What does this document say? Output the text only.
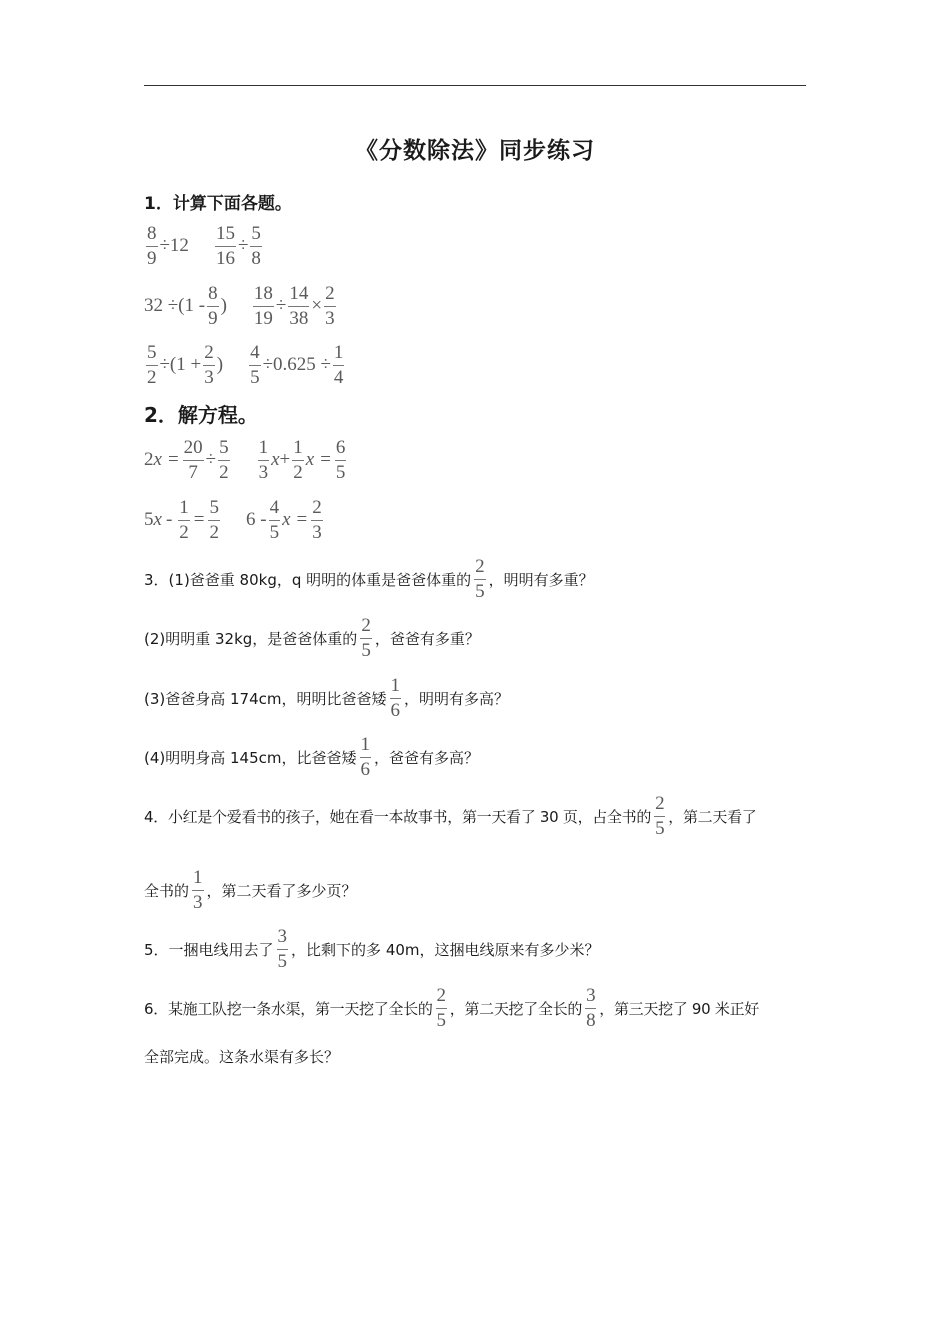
《分数除法》同步练习
1．计算下面各题。
$\frac{8}{9} \div 12 \frac{15}{16} \div \frac{5}{8}$
$32 \div(1 - \frac{8}{9}$ ) $\frac{18}{19} \div \frac{14}{38} \times \frac{2}{3}$
$\frac{5}{2} \div(1 + \frac{2}{3}$ ) $\frac{4}{5} \div 0.625 \div \frac{1}{4}$
2．解方程。
2 $x = \frac{20}{7} \div \frac{5}{2} \frac{1}{3}$ $x + \frac{1}{2}$ $x = \frac{6}{5}$
5 $x - \frac{1}{2} = \frac{5}{2} 6 - \frac{4}{5}$ $x = \frac{2}{3}$
3．(1)爸爸重 80kg，q 明明的体重是爸爸体重的 $\frac{2}{5}$ ，明明有多重？
(2)明明重 32kg，是爸爸体重的 $\frac{2}{5}$ ，爸爸有多重？
(3)爸爸身高 174cm，明明比爸爸矮 $\frac{1}{6}$ ，明明有多高？
(4)明明身高 145cm，比爸爸矮 $\frac{1}{6}$ ，爸爸有多高？
4．小红是个爱看书的孩子，她在看一本故事书，第一天看了 30 页，占全书的 $\frac{2}{5}$ ，第二天看了
全书的 $\frac{1}{3}$ ，第二天看了多少页？
5．一捆电线用去了 $\frac{3}{5}$ ，比剩下的多 40m，这捆电线原来有多少米？
6．某施工队挖一条水渠，第一天挖了全长的 $\frac{2}{5}$ ，第二天挖了全长的 $\frac{3}{8}$ ，第三天挖了 90 米正好
全部完成。这条水渠有多长？
